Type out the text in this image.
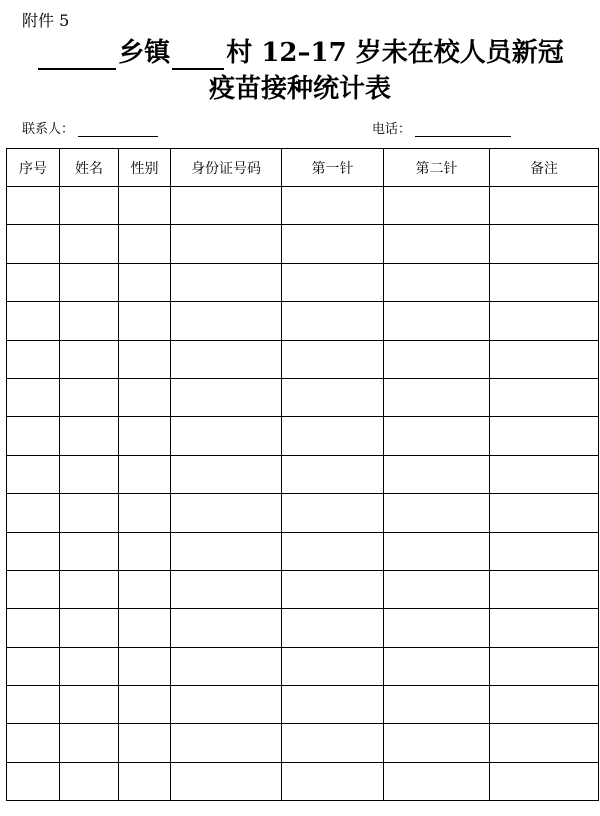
附件 5
乡镇 村 12–17 岁未在校人员新冠
疫苗接种统计表
联系人：	电话：
序号	姓名	性别	身份证号码	第一针	第二针	备注
